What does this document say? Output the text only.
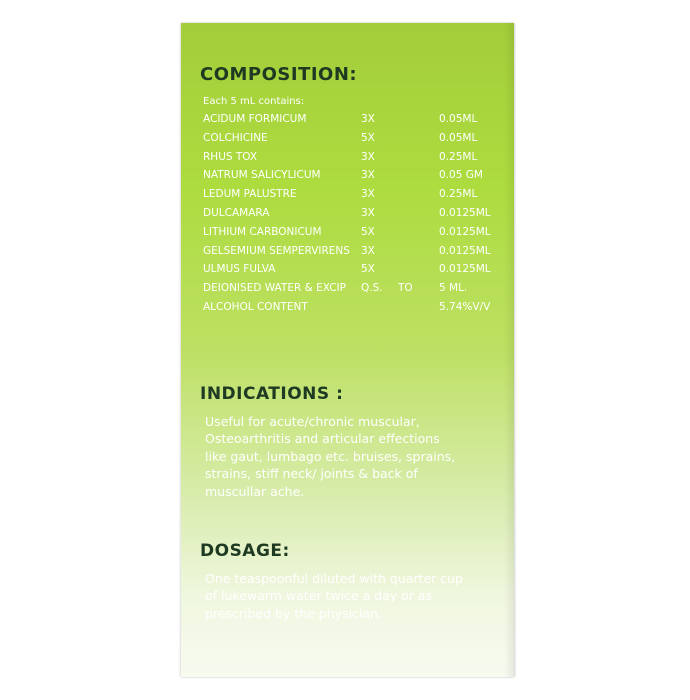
COMPOSITION:
Each 5 mL contains:
ACIDUM FORMICUM	3X	0.05ML
COLCHICINE	5X	0.05ML
RHUS TOX	3X	0.25ML
NATRUM SALICYLICUM	3X	0.05 GM
LEDUM PALUSTRE	3X	0.25ML
DULCAMARA	3X	0.0125ML
LITHIUM CARBONICUM	5X	0.0125ML
GELSEMIUM SEMPERVIRENS 3X	0.0125ML
ULMUS FULVA	5X	0.0125ML
DEIONISED WATER & EXCIP Q.S. TO	5 ML.
ALCOHOL CONTENT	5.74%V/V
INDICATIONS :

Useful for acute/chronic muscular,
Osteoarthritis and articular effections
like gaut, lumbago etc. bruises, sprains,
strains, stiff neck/ joints & back of
muscullar ache.

DOSAGE:

One teaspoonful diluted with quarter cup
of lukewarm water twice a day or as
prescribed by the physician.
